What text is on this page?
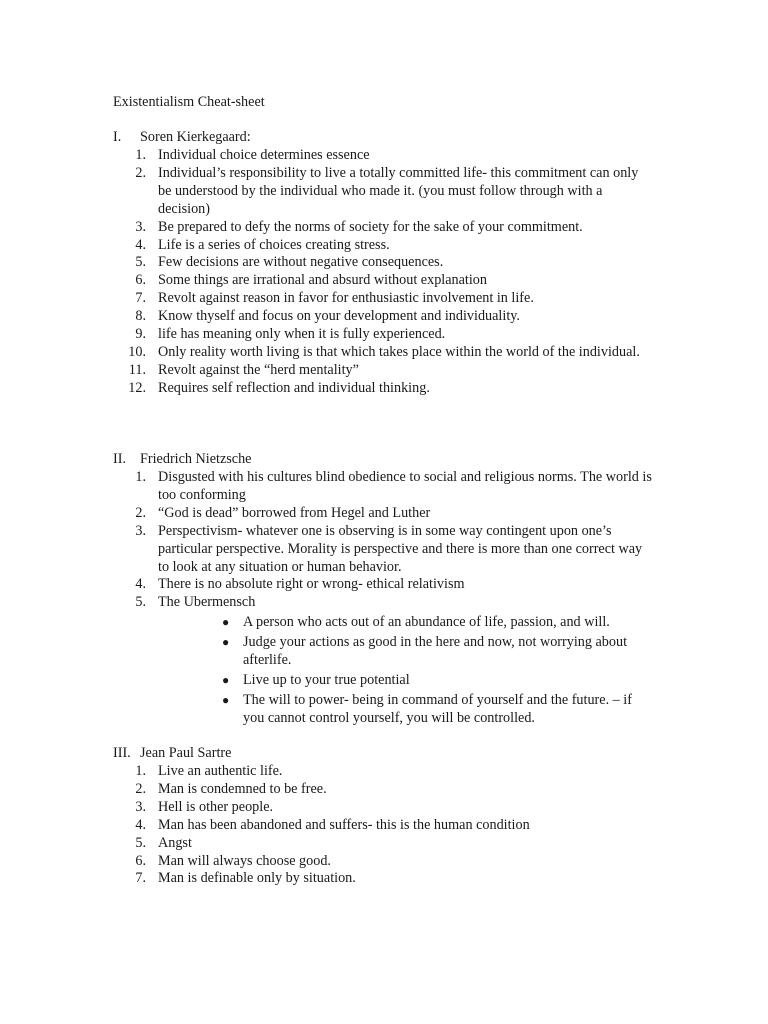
Existentialism Cheat-sheet
I. Soren Kierkegaard:
1. Individual choice determines essence
2. Individual’s responsibility to live a totally committed life- this commitment can only be understood by the individual who made it. (you must follow through with a decision)
3. Be prepared to defy the norms of society for the sake of your commitment.
4. Life is a series of choices creating stress.
5. Few decisions are without negative consequences.
6. Some things are irrational and absurd without explanation
7. Revolt against reason in favor for enthusiastic involvement in life.
8. Know thyself and focus on your development and individuality.
9. life has meaning only when it is fully experienced.
10. Only reality worth living is that which takes place within the world of the individual.
11. Revolt against the “herd mentality”
12. Requires self reflection and individual thinking.
II. Friedrich Nietzsche
1. Disgusted with his cultures blind obedience to social and religious norms. The world is too conforming
2. “God is dead” borrowed from Hegel and Luther
3. Perspectivism- whatever one is observing is in some way contingent upon one’s particular perspective. Morality is perspective and there is more than one correct way to look at any situation or human behavior.
4. There is no absolute right or wrong- ethical relativism
5. The Ubermensch
● A person who acts out of an abundance of life, passion, and will.
● Judge your actions as good in the here and now, not worrying about afterlife.
● Live up to your true potential
● The will to power- being in command of yourself and the future. – if you cannot control yourself, you will be controlled.
III. Jean Paul Sartre
1. Live an authentic life.
2. Man is condemned to be free.
3. Hell is other people.
4. Man has been abandoned and suffers- this is the human condition
5. Angst
6. Man will always choose good.
7. Man is definable only by situation.
